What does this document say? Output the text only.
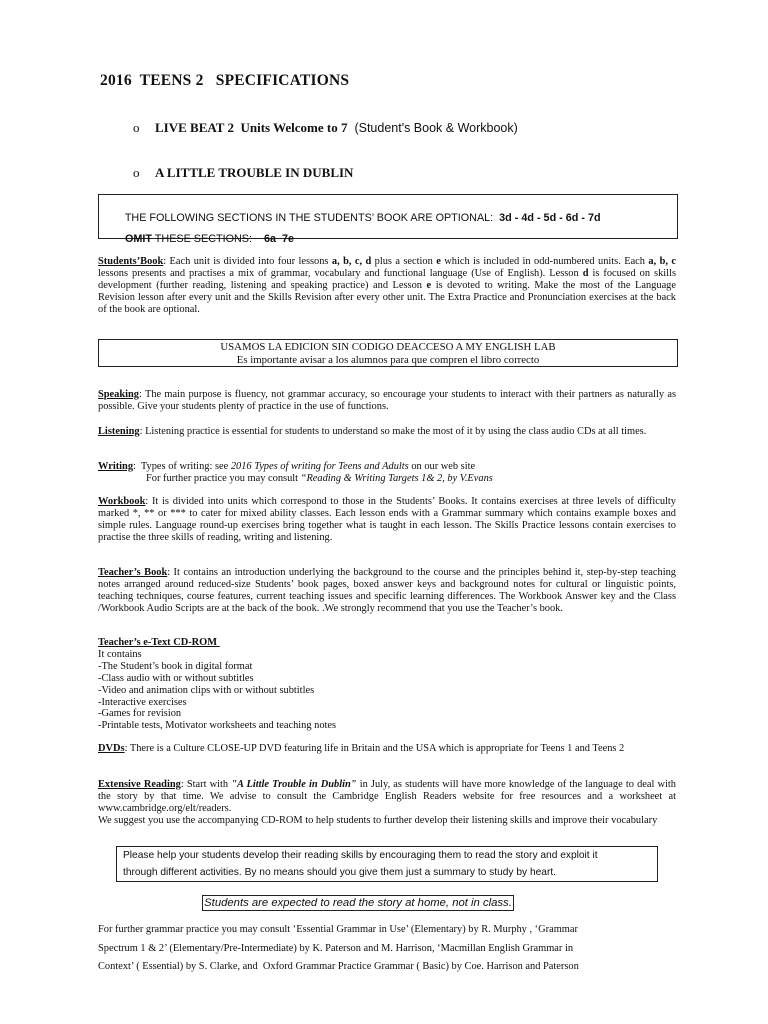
2016  TEENS 2   SPECIFICATIONS

o LIVE BEAT 2  Units Welcome to 7  (Student's Book & Workbook)

o A LITTLE TROUBLE IN DUBLIN

THE FOLLOWING SECTIONS IN THE STUDENTS’ BOOK ARE OPTIONAL: 3d - 4d - 5d - 6d - 7d

OMIT THESE SECTIONS: 6a  7e

Students’Book: Each unit is divided into four lessons a, b, c, d plus a section e which is included in odd-numbered units. Each a, b, c lessons presents and practises a mix of grammar, vocabulary and functional language (Use of English). Lesson d is focused on skills development (further reading, listening and speaking practice) and Lesson e is devoted to writing. Make the most of the Language Revision lesson after every unit and the Skills Revision after every other unit. The Extra Practice and Pronunciation exercises at the back of the book are optional.
USAMOS LA EDICION SIN CODIGO DEACCESO A MY ENGLISH LAB
Es importante avisar a los alumnos para que compren el libro correcto
Speaking: The main purpose is fluency, not grammar accuracy, so encourage your students to interact with their partners as naturally as possible. Give your students plenty of practice in the use of functions.
Listening: Listening practice is essential for students to understand so make the most of it by using the class audio CDs at all times.
Writing:  Types of writing: see 2016 Types of writing for Teens and Adults on our web site
For further practice you may consult “Reading & Writing Targets 1& 2, by V.Evans
Workbook: It is divided into units which correspond to those in the Students’ Books. It contains exercises at three levels of difficulty marked *, ** or *** to cater for mixed ability classes. Each lesson ends with a Grammar summary which contains example boxes and simple rules. Language round-up exercises bring together what is taught in each lesson. The Skills Practice lessons contain exercises to practise the three skills of reading, writing and listening.
Teacher’s Book: It contains an introduction underlying the background to the course and the principles behind it, step-by-step teaching notes arranged around reduced-size Students’ book pages, boxed answer keys and background notes for cultural or linguistic points, teaching techniques, course features, current teaching issues and specific learning differences. The Workbook Answer key and the Class /Workbook Audio Scripts are at the back of the book. .We strongly recommend that you use the Teacher’s book.
Teacher’s e-Text CD-ROM
It contains
-The Student’s book in digital format
-Class audio with or without subtitles
-Video and animation clips with or without subtitles
-Interactive exercises
-Games for revision
-Printable tests, Motivator worksheets and teaching notes
DVDs: There is a Culture CLOSE-UP DVD featuring life in Britain and the USA which is appropriate for Teens 1 and Teens 2
Extensive Reading: Start with "A Little Trouble in Dublin" in July, as students will have more knowledge of the language to deal with the story by that time. We advise to consult the Cambridge English Readers website for free resources and a worksheet at www.cambridge.org/elt/readers.
We suggest you use the accompanying CD-ROM to help students to further develop their listening skills and improve their vocabulary
Please help your students develop their reading skills by encouraging them to read the story and exploit it
through different activities. By no means should you give them just a summary to study by heart.
Students are expected to read the story at home, not in class.
For further grammar practice you may consult ‘Essential Grammar in Use’ (Elementary) by R. Murphy , ‘Grammar
Spectrum 1 & 2’ (Elementary/Pre-Intermediate) by K. Paterson and M. Harrison, ‘Macmillan English Grammar in
Context’ ( Essential) by S. Clarke, and  Oxford Grammar Practice Grammar ( Basic) by Coe. Harrison and Paterson
